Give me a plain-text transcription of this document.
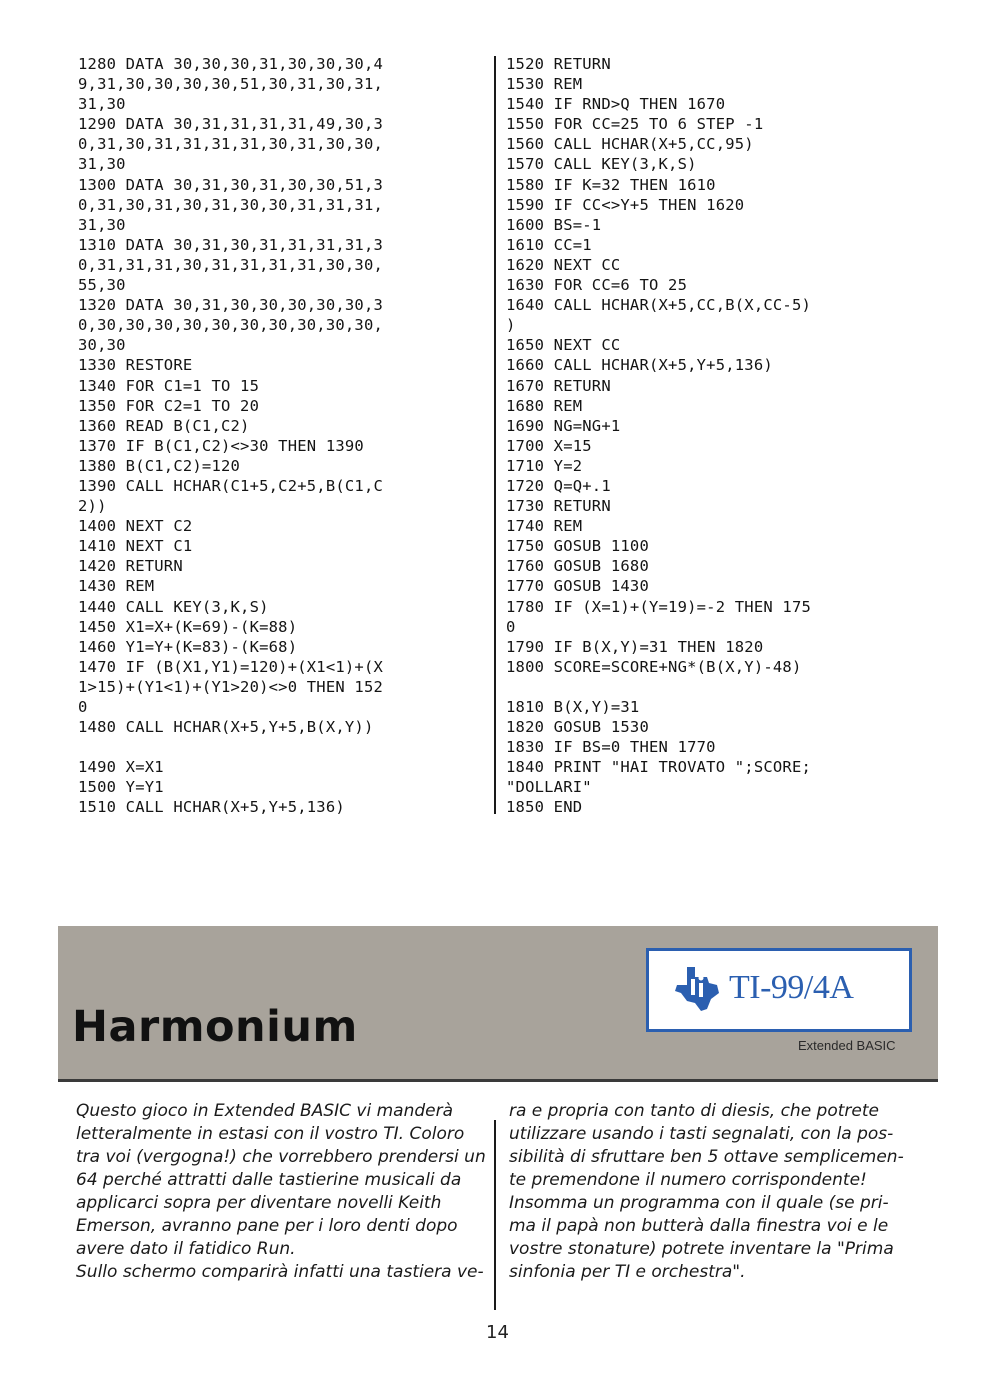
1280 DATA 30,30,30,31,30,30,30,4
9,31,30,30,30,30,51,30,31,30,31,
31,30
1290 DATA 30,31,31,31,31,49,30,3
0,31,30,31,31,31,31,30,31,30,30,
31,30
1300 DATA 30,31,30,31,30,30,51,3
0,31,30,31,30,31,30,30,31,31,31,
31,30
1310 DATA 30,31,30,31,31,31,31,3
0,31,31,31,30,31,31,31,31,30,30,
55,30
1320 DATA 30,31,30,30,30,30,30,3
0,30,30,30,30,30,30,30,30,30,30,
30,30
1330 RESTORE
1340 FOR C1=1 TO 15
1350 FOR C2=1 TO 20
1360 READ B(C1,C2)
1370 IF B(C1,C2)<>30 THEN 1390
1380 B(C1,C2)=120
1390 CALL HCHAR(C1+5,C2+5,B(C1,C
2))
1400 NEXT C2
1410 NEXT C1
1420 RETURN
1430 REM
1440 CALL KEY(3,K,S)
1450 X1=X+(K=69)-(K=88)
1460 Y1=Y+(K=83)-(K=68)
1470 IF (B(X1,Y1)=120)+(X1<1)+(X
1>15)+(Y1<1)+(Y1>20)<>0 THEN 152
0
1480 CALL HCHAR(X+5,Y+5,B(X,Y))
1490 X=X1
1500 Y=Y1
1510 CALL HCHAR(X+5,Y+5,136)
1520 RETURN
1530 REM
1540 IF RND>Q THEN 1670
1550 FOR CC=25 TO 6 STEP -1
1560 CALL HCHAR(X+5,CC,95)
1570 CALL KEY(3,K,S)
1580 IF K=32 THEN 1610
1590 IF CC<>Y+5 THEN 1620
1600 BS=-1
1610 CC=1
1620 NEXT CC
1630 FOR CC=6 TO 25
1640 CALL HCHAR(X+5,CC,B(X,CC-5)
)
1650 NEXT CC
1660 CALL HCHAR(X+5,Y+5,136)
1670 RETURN
1680 REM
1690 NG=NG+1
1700 X=15
1710 Y=2
1720 Q=Q+.1
1730 RETURN
1740 REM
1750 GOSUB 1100
1760 GOSUB 1680
1770 GOSUB 1430
1780 IF (X=1)+(Y=19)=-2 THEN 175
0
1790 IF B(X,Y)=31 THEN 1820
1800 SCORE=SCORE+NG*(B(X,Y)-48)
1810 B(X,Y)=31
1820 GOSUB 1530
1830 IF BS=0 THEN 1770
1840 PRINT "HAI TROVATO ";SCORE;
"DOLLARI"
1850 END
Harmonium
TI-99/4A
Extended BASIC
Questo gioco in Extended BASIC vi manderà
letteralmente in estasi con il vostro TI. Coloro
tra voi (vergogna!) che vorrebbero prendersi un
64 perché attratti dalle tastierine musicali da
applicarci sopra per diventare novelli Keith
Emerson, avranno pane per i loro denti dopo
avere dato il fatidico Run.
Sullo schermo comparirà infatti una tastiera ve-
ra e propria con tanto di diesis, che potrete
utilizzare usando i tasti segnalati, con la pos-
sibilità di sfruttare ben 5 ottave semplicemen-
te premendone il numero corrispondente!
Insomma un programma con il quale (se pri-
ma il papà non butterà dalla finestra voi e le
vostre stonature) potrete inventare la "Prima
sinfonia per TI e orchestra".
14
